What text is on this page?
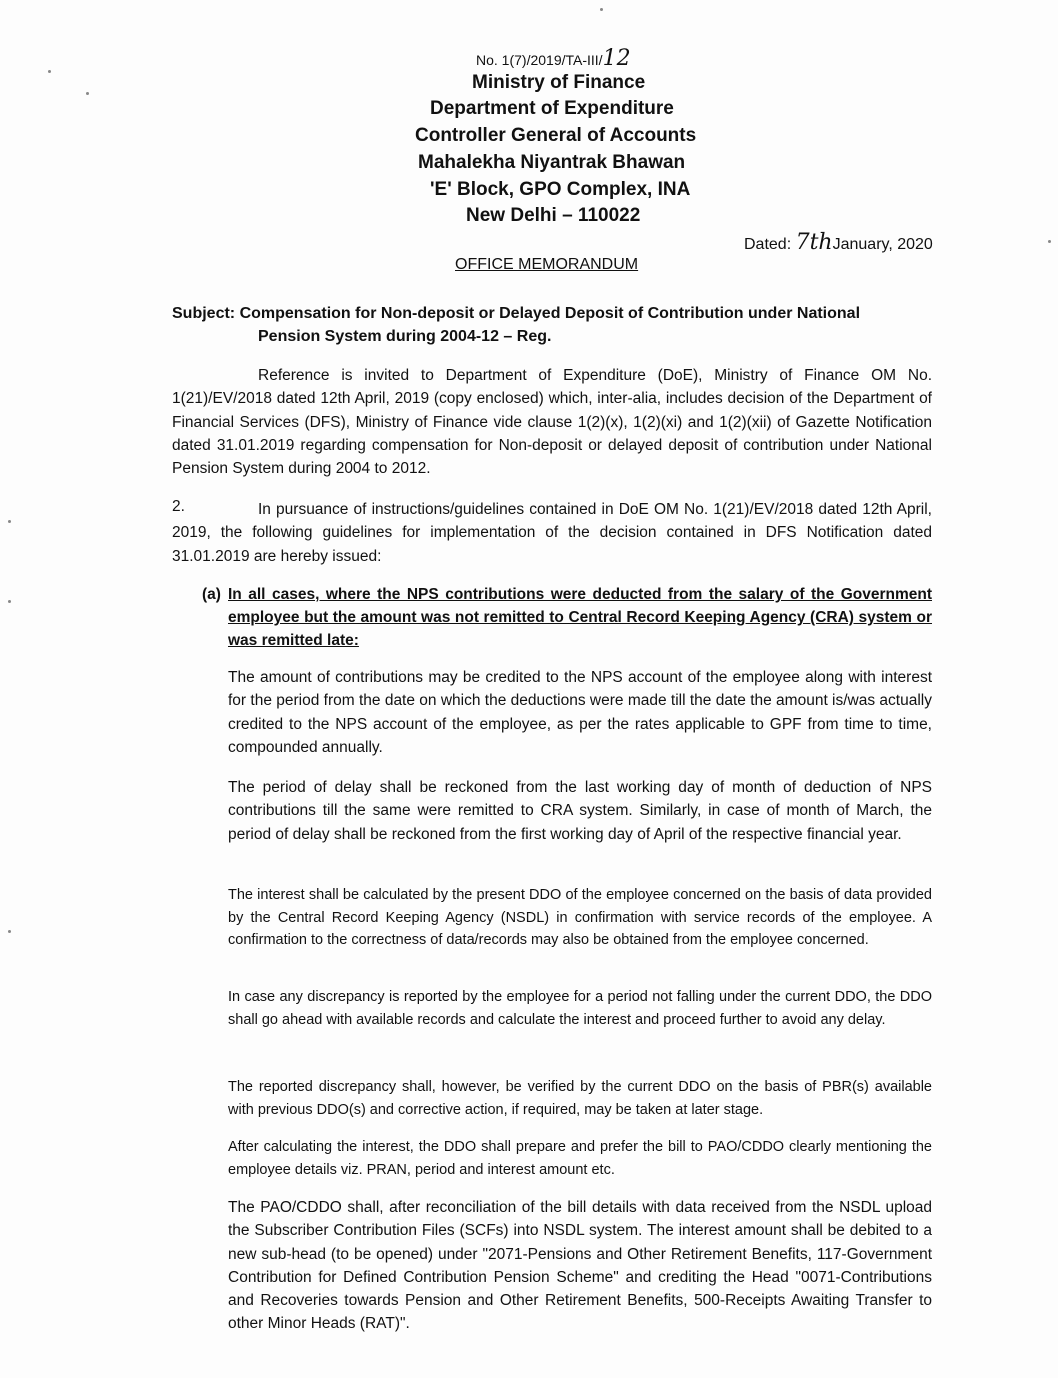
No. 1(7)/2019/TA-III/12
Ministry of Finance
Department of Expenditure
Controller General of Accounts
Mahalekha Niyantrak Bhawan
'E' Block, GPO Complex, INA
New Delhi – 110022
Dated: 7thJanuary, 2020
OFFICE MEMORANDUM
Subject: Compensation for Non-deposit or Delayed Deposit of Contribution under National
Pension System during 2004-12 – Reg.
Reference is invited to Department of Expenditure (DoE), Ministry of Finance OM No. 1(21)/EV/2018 dated 12th April, 2019 (copy enclosed) which, inter-alia, includes decision of the Department of Financial Services (DFS), Ministry of Finance vide clause 1(2)(x), 1(2)(xi) and 1(2)(xii) of Gazette Notification dated 31.01.2019 regarding compensation for Non-deposit or delayed deposit of contribution under National Pension System during 2004 to 2012.
2.	In pursuance of instructions/guidelines contained in DoE OM No. 1(21)/EV/2018 dated 12th April, 2019, the following guidelines for implementation of the decision contained in DFS Notification dated 31.01.2019 are hereby issued:
(a) In all cases, where the NPS contributions were deducted from the salary of the Government employee but the amount was not remitted to Central Record Keeping Agency (CRA) system or was remitted late:
The amount of contributions may be credited to the NPS account of the employee along with interest for the period from the date on which the deductions were made till the date the amount is/was actually credited to the NPS account of the employee, as per the rates applicable to GPF from time to time, compounded annually.
The period of delay shall be reckoned from the last working day of month of deduction of NPS contributions till the same were remitted to CRA system. Similarly, in case of month of March, the period of delay shall be reckoned from the first working day of April of the respective financial year.
The interest shall be calculated by the present DDO of the employee concerned on the basis of data provided by the Central Record Keeping Agency (NSDL) in confirmation with service records of the employee. A confirmation to the correctness of data/records may also be obtained from the employee concerned.
In case any discrepancy is reported by the employee for a period not falling under the current DDO, the DDO shall go ahead with available records and calculate the interest and proceed further to avoid any delay.
The reported discrepancy shall, however, be verified by the current DDO on the basis of PBR(s) available with previous DDO(s) and corrective action, if required, may be taken at later stage.
After calculating the interest, the DDO shall prepare and prefer the bill to PAO/CDDO clearly mentioning the employee details viz. PRAN, period and interest amount etc.
The PAO/CDDO shall, after reconciliation of the bill details with data received from the NSDL upload the Subscriber Contribution Files (SCFs) into NSDL system. The interest amount shall be debited to a new sub-head (to be opened) under "2071-Pensions and Other Retirement Benefits, 117-Government Contribution for Defined Contribution Pension Scheme" and crediting the Head "0071-Contributions and Recoveries towards Pension and Other Retirement Benefits, 500-Receipts Awaiting Transfer to other Minor Heads (RAT)".
